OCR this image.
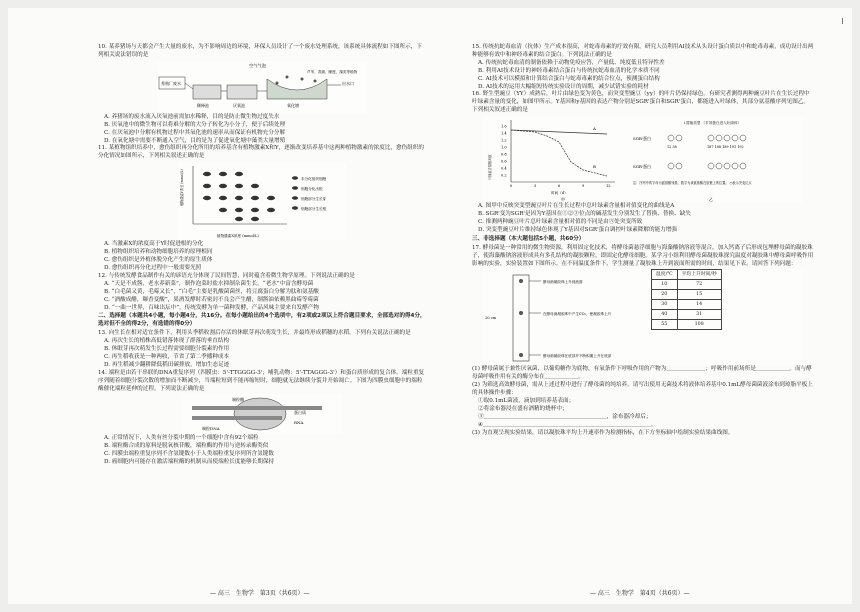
10. 某养猪场与天都会产生大量的废水，为不影响周边的环境，环保人员设计了一个废水处理系统，该系统具体流程如下图所示，下列相关说法错误的是

空气气泡
养殖厂废水
稀释池	厌氧池	氧化塘
芦苇、香蒲、睡莲、藻类等植物
出水口

A. 养猪场的废水流入厌氧池前需加水稀释，目的是防止微生物过度失水

B. 厌氧池中的微生物可以将难分解的大分子转化为小分子，便于后续处理

C. 在厌氧池中分解有机物过程中其氧化池的速率从而保证有机物充分分解

D. 在氧化塘中需要不断通入空气，目的是为了促进氧化塘中藻类大量增殖

11. 某植物组织培养中，愈伤组织再分化所用的培养基含有植物激素X和Y，逐渐改变培养基中这两种植物激素的浓度比，愈伤组织的分化情况如图所示，下列相关叙述正确的是

植物激素Y浓度 (mmol/L)
植物激素X浓度 (mmol/L)
未分化组织细胞
细胞分化出根
细胞部分生长芽
细胞部分生长根

A. 当激素X的浓度高于Y时促进根的分化

B. 植物组织培养和动物细胞培养的原理相同

C. 愈伤组织是外植体脱分化产生的原生质体

D. 愈伤组织再分化过程中一般需要光照

12. 与传统发酵食品制作有关的谚语充分体现了民间智慧，同时蕴含着微生物学原理。下列说法正确的是

A. “天是不成酱，老水养新菜”，制作泡菜时盐水抑制杂菌生长，“老水”中富含酵母菌

B. “白毛菌又黄，毛霉又长”，“白毛”主要是乳酸菌菌丝，将豆腐蛋白分解为肽和氨基酸

C. “酒酸成醋，曝香变酸”，果酒发酵时若密封不良会产生醋，制酱油依赖黑曲霉等霉菌

D. “一曲一世界，百味出坛中”，传统发酵为单一菌种发酵，产品风味主要来自发酵产物

二、选择题（本题共4小题，每小题4分，共16分。在每小题给出的4个选项中，有2项或2项以上符合题目要求，全部选对的得4分，选对但不全的得2分，有选错的得0分）

13. 向生长在相对适宜条件下，利用头季稻收割后存活的休眠芽再次萌发生长，并最终形成稻穗的水稻。下列有关说法正确的是

A. 再次生长的植株高低错落体现了群落的垂直结构

B. 休眠芽再次萌发生长过程需要细胞分裂素的作用

C. 再生稻收获是一种两收，节省了第二季播种成本

D. 再生稻减少翻耕降低稻田碳排放，增加生态足迹

14. 端粒是由若干串联的DNA重复序列（四膜虫：5'-TTGGGG-3'；哺乳动物：5'-TTAGGG-3'）和蛋白质形成的复合体。端粒重复序列随着细胞分裂次数的增加而不断减少，当端粒短到不能再缩短时，细胞就无法继续分裂并开始凋亡。下图为四膜虫细胞中的端粒酶催化端粒延伸的过程。下列说法正确的是

端粒酶
蛋白质
RNA
端粒DNA

A. 正常情况下，人类有丝分裂中期的一个细胞中含有92个端粒

B. 端粒酶合成的原料是脱氧核苷酸，端粒酶的作用与逆转录酶类似

C. 四膜虫端粒重复序列不含氢键数小于人类端粒重复序列所含氢键数

D. 癌细胞内可能存在激活端粒酶的机制从而使端粒长度能够长期保持

15. 传统抗蛇毒血清（抗体）生产成本很高，对蛇毒毒素的疗效有限。研究人员利用AI技术从头设计蛋白质以中和蛇毒毒素，成功设计出两种能够有效中和神经毒素的结合蛋白。下列说法正确的是

A. 传统抗蛇毒血清的制备依赖于动物免疫应答，产量低、纯度低且特异性差

B. 利用AI技术设计的神经毒素结合蛋白与传统抗蛇毒血清的化学本质不同

C. AI技术可以模拟和计算结合蛋白与蛇毒毒素的结合位点，预测蛋白结构

D. AI技术的运用大幅缩短传统实验设计的周期，减少试错实验的耗材

16. 野生型豌豆（YY）成熟后，叶片由绿色变为黄色，而突变型豌豆（yy）的叶片仍保持绿色。有研究者测得两种豌豆叶片在生长过程中叶绿素含量的变化，如图甲所示。Y基因和y基因的表达产物分别是SGR'蛋白和SGR'蛋白，都能进入叶绿体，其部分氨基酸序列见图乙。下列相关叙述正确的是

0.2
0.4
0.6
0.8
1.0
1.2
1.4
1.6
0	3	6	9	12
A
B
叶绿素含量相对值
时间（d）
甲
↓替换类型 （半导蛋白进入叶绿体）
SGR'蛋白
SGR'蛋白
12 38	187 188 189 191 192
注：序列中的字母为氨基酸残基，数字为该氨基酸在肽链上的位置。 ○表示突变位点
乙

A. 图甲中反映突变型豌豆叶片在生长过程中总叶绿素含量相对值变化的曲线是A

B. SGR'变为SGR'是因为Y基因在①②③位点的碱基发生分别发生了替换、替换、缺失

C. 推测两种豌豆叶片总叶绿素含量相对值的不同是由③处突变所致

D. 突变型豌豆叶片维持绿色体现了Y基因对SGR'蛋白调控叶绿素降解的能力增强

三、非选择题（本大题包括5小题，共60分）

17. 酵母菌是一种常用的微生物资源，利用固定化技术，将酵母菌悬浮细胞与海藻酸钠溶液等混合，加入钙离子后形成包埋酵母菌的凝胶珠子，使海藻酸钠溶液形成具有多孔结构的凝胶颗粒，即固定化酵母细胞。某学习小组利用酵母菌凝胶珠探究温度对凝胶珠中酵母菌呼吸作用影响的实验，实验装置如下图所示。在不同温度条件下，学生测量了凝胶珠上升到液面所需的时间，结果见下表。请回答下列问题：

酵母菌凝胶珠上升到液面
在酵母菌凝胶珠中产生CO₂，使凝胶珠上升
酵母菌凝胶珠在底部并不断积累上升在底部
20 cm
温度/℃	平均上升时间/秒
10	72
20	15
30	14
40	31
55	108

(1) 酵母菌属于兼性厌氧菌，以葡萄糖作为底物，有氧条件下呼吸作用的产物为＿＿＿＿＿＿＿；呼吸作用前场所是＿＿＿＿＿＿。而与酵母菌呼吸作用有关的酶分布在＿＿＿＿＿＿。

(2) 为筛选高效酵母菌，需从上述过程中进行了酵母菌的纯培养，请写出使用无菌技术将液体培养基中0.1mL酵母菌菌液涂布到琼脂平板上的具体操作步骤：

①取0.1mL菌液，滴加到培养基表面；

②将涂布器浸在盛有酒精的烧杯中；

③＿＿＿＿＿＿＿＿＿＿＿＿＿＿＿＿＿＿＿＿＿＿，涂布器冷却后；

④＿＿＿＿＿＿＿＿＿＿＿＿＿＿＿＿＿＿＿＿＿＿＿＿＿＿＿＿＿＿。

(3) 为直观呈现实验结果，请以凝胶珠平均上升速率作为检测指标，在下方坐标轴中绘制实验结果曲线图。

— 高三　生物学　第3页（共6页）—	— 高三　生物学　第4页（共6页）—
